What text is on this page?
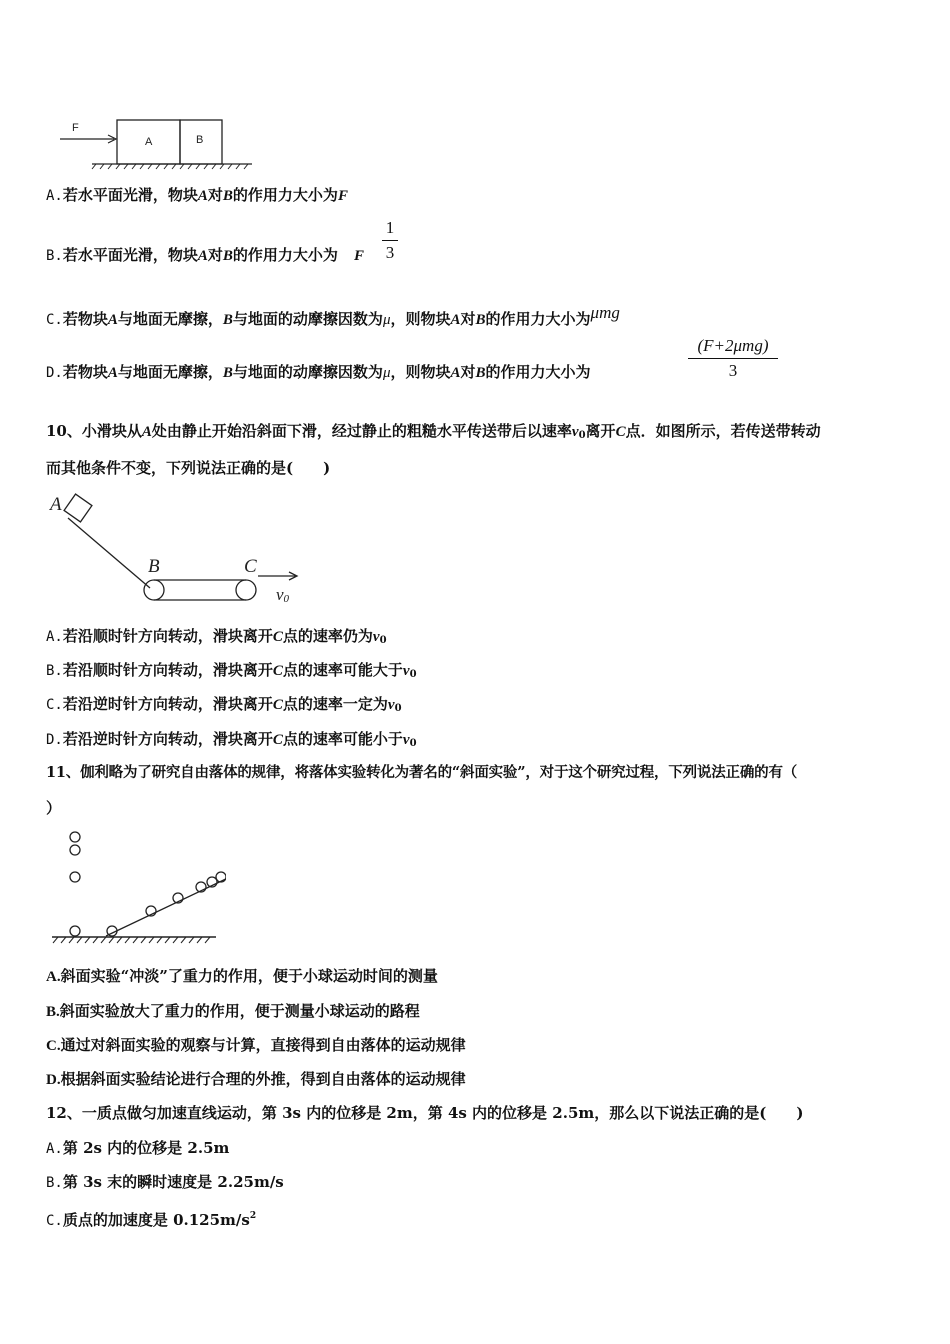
F
A	B
A.若水平面光滑，物块A对B的作用力大小为F
B.若水平面光滑，物块A对B的作用力大小为 F
1
3
C.若物块A与地面无摩擦，B与地面的动摩擦因数为μ，则物块A对B的作用力大小为μmg
D.若物块A与地面无摩擦，B与地面的动摩擦因数为μ，则物块A对B的作用力大小为
(F+2μmg)
3
10、小滑块从A处由静止开始沿斜面下滑，经过静止的粗糙水平传送带后以速率$v_0$离开C点．如图所示，若传送带转动
而其他条件不变，下列说法正确的是(　　)
A
B	C
v0
A.若沿顺时针方向转动，滑块离开C点的速率仍为$v_0$
B.若沿顺时针方向转动，滑块离开C点的速率可能大于$v_0$
C.若沿逆时针方向转动，滑块离开C点的速率一定为$v_0$
D.若沿逆时针方向转动，滑块离开C点的速率可能小于$v_0$
11、伽利略为了研究自由落体的规律，将落体实验转化为著名的“斜面实验”，对于这个研究过程，下列说法正确的有（
）
A.斜面实验“冲淡”了重力的作用，便于小球运动时间的测量
B.斜面实验放大了重力的作用，便于测量小球运动的路程
C.通过对斜面实验的观察与计算，直接得到自由落体的运动规律
D.根据斜面实验结论进行合理的外推，得到自由落体的运动规律
12、一质点做匀加速直线运动，第 3s 内的位移是 2m，第 4s 内的位移是 2.5m，那么以下说法正确的是(　　)
A.第 2s 内的位移是 2.5m
B.第 3s 末的瞬时速度是 2.25m/s
C.质点的加速度是 $0.125m/s^2$
